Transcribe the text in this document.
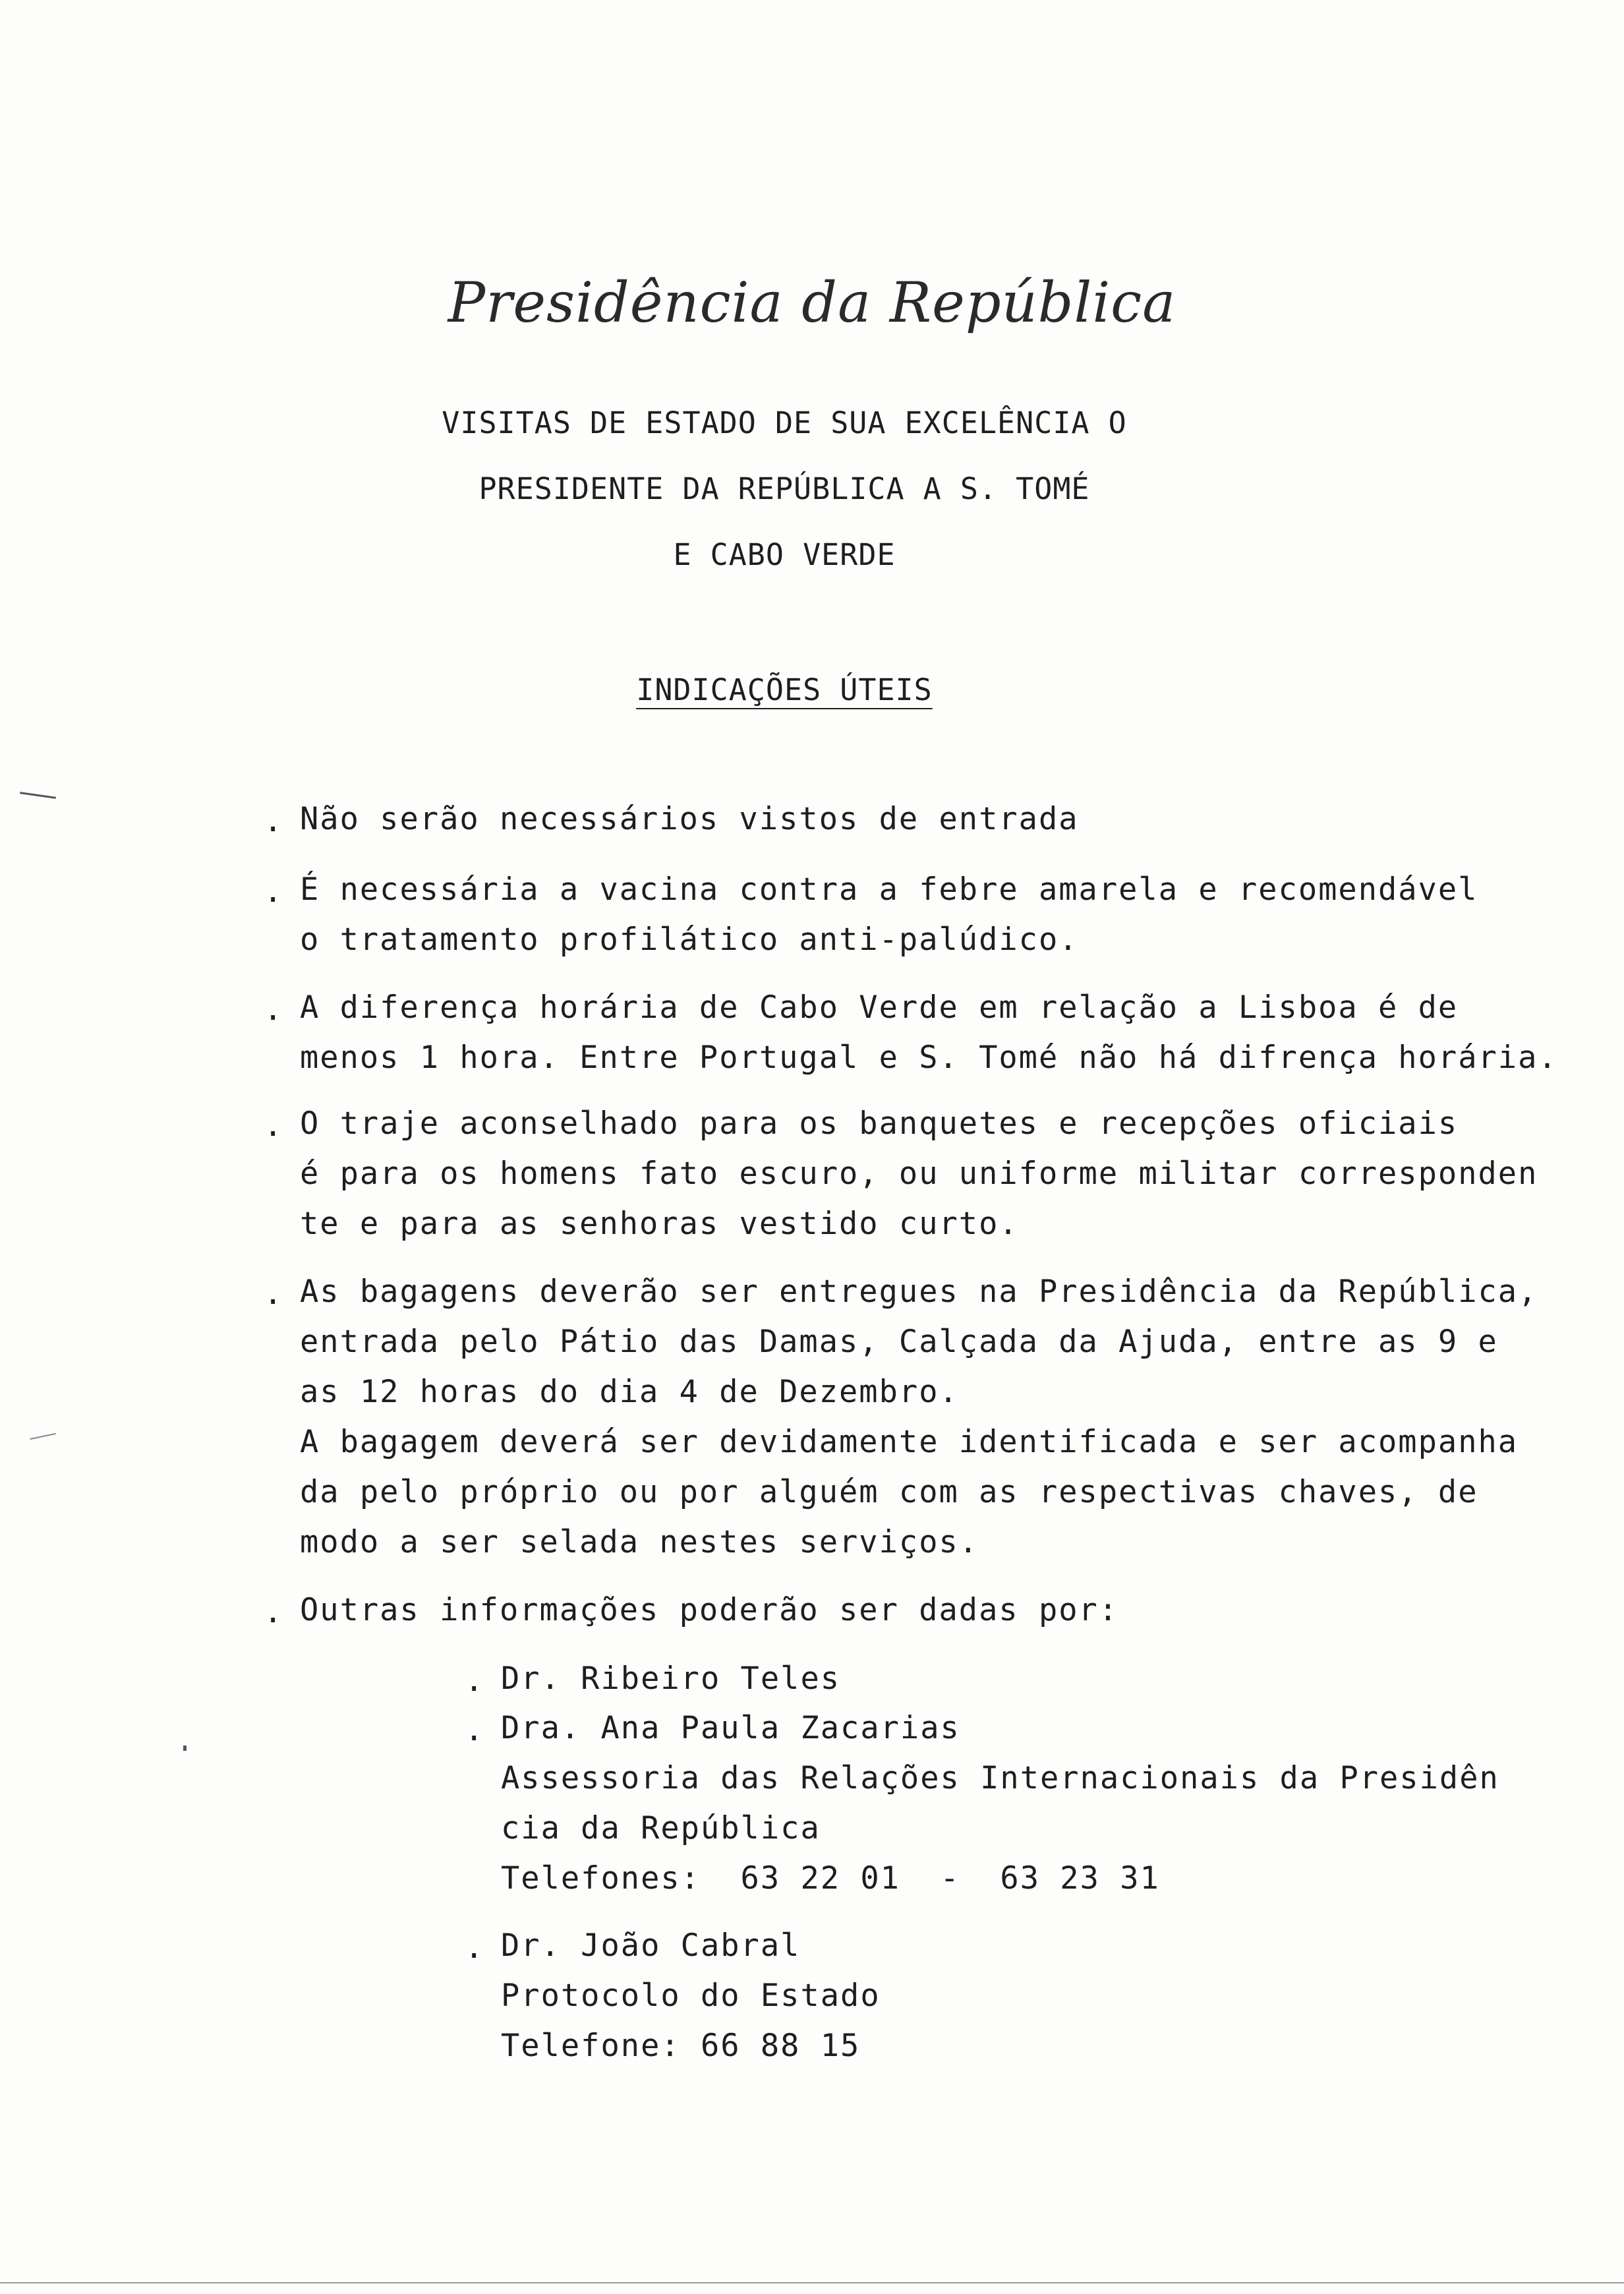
Presidência da República
VISITAS DE ESTADO DE SUA EXCELÊNCIA O
PRESIDENTE DA REPÚBLICA A S. TOMÉ
E CABO VERDE
INDICAÇÕES ÚTEIS
. Não serão necessários vistos de entrada
. É necessária a vacina contra a febre amarela e recomendável
o tratamento profilático anti-palúdico.
. A diferença horária de Cabo Verde em relação a Lisboa é de
menos 1 hora. Entre Portugal e S. Tomé não há difrença horária.
. O traje aconselhado para os banquetes e recepções oficiais
é para os homens fato escuro, ou uniforme militar corresponden
te e para as senhoras vestido curto.
. As bagagens deverão ser entregues na Presidência da República,
entrada pelo Pátio das Damas, Calçada da Ajuda, entre as 9 e
as 12 horas do dia 4 de Dezembro.
A bagagem deverá ser devidamente identificada e ser acompanha
da pelo próprio ou por alguém com as respectivas chaves, de
modo a ser selada nestes serviços.
. Outras informações poderão ser dadas por:
. Dr. Ribeiro Teles
. Dra. Ana Paula Zacarias
Assessoria das Relações Internacionais da Presidên
cia da República
Telefones:  63 22 01  -  63 23 31
. Dr. João Cabral
Protocolo do Estado
Telefone: 66 88 15
